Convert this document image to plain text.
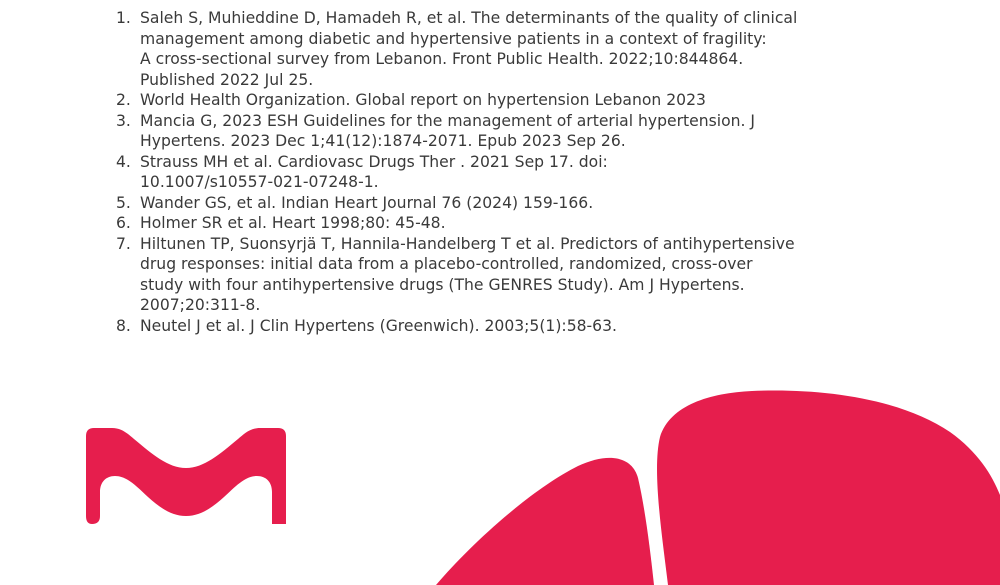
1. Saleh S, Muhieddine D, Hamadeh R, et al. The determinants of the quality of clinical
management among diabetic and hypertensive patients in a context of fragility:
A cross-sectional survey from Lebanon. Front Public Health. 2022;10:844864.
Published 2022 Jul 25.
2. World Health Organization. Global report on hypertension Lebanon 2023
3. Mancia G, 2023 ESH Guidelines for the management of arterial hypertension. J
Hypertens. 2023 Dec 1;41(12):1874-2071. Epub 2023 Sep 26.
4. Strauss MH et al. Cardiovasc Drugs Ther . 2021 Sep 17. doi:
10.1007/s10557-021-07248-1.
5. Wander GS, et al. Indian Heart Journal 76 (2024) 159-166.
6. Holmer SR et al. Heart 1998;80: 45-48.
7. Hiltunen TP, Suonsyrjä T, Hannila-Handelberg T et al. Predictors of antihypertensive
drug responses: initial data from a placebo-controlled, randomized, cross-over
study with four antihypertensive drugs (The GENRES Study). Am J Hypertens.
2007;20:311-8.
8. Neutel J et al. J Clin Hypertens (Greenwich). 2003;5(1):58-63.
